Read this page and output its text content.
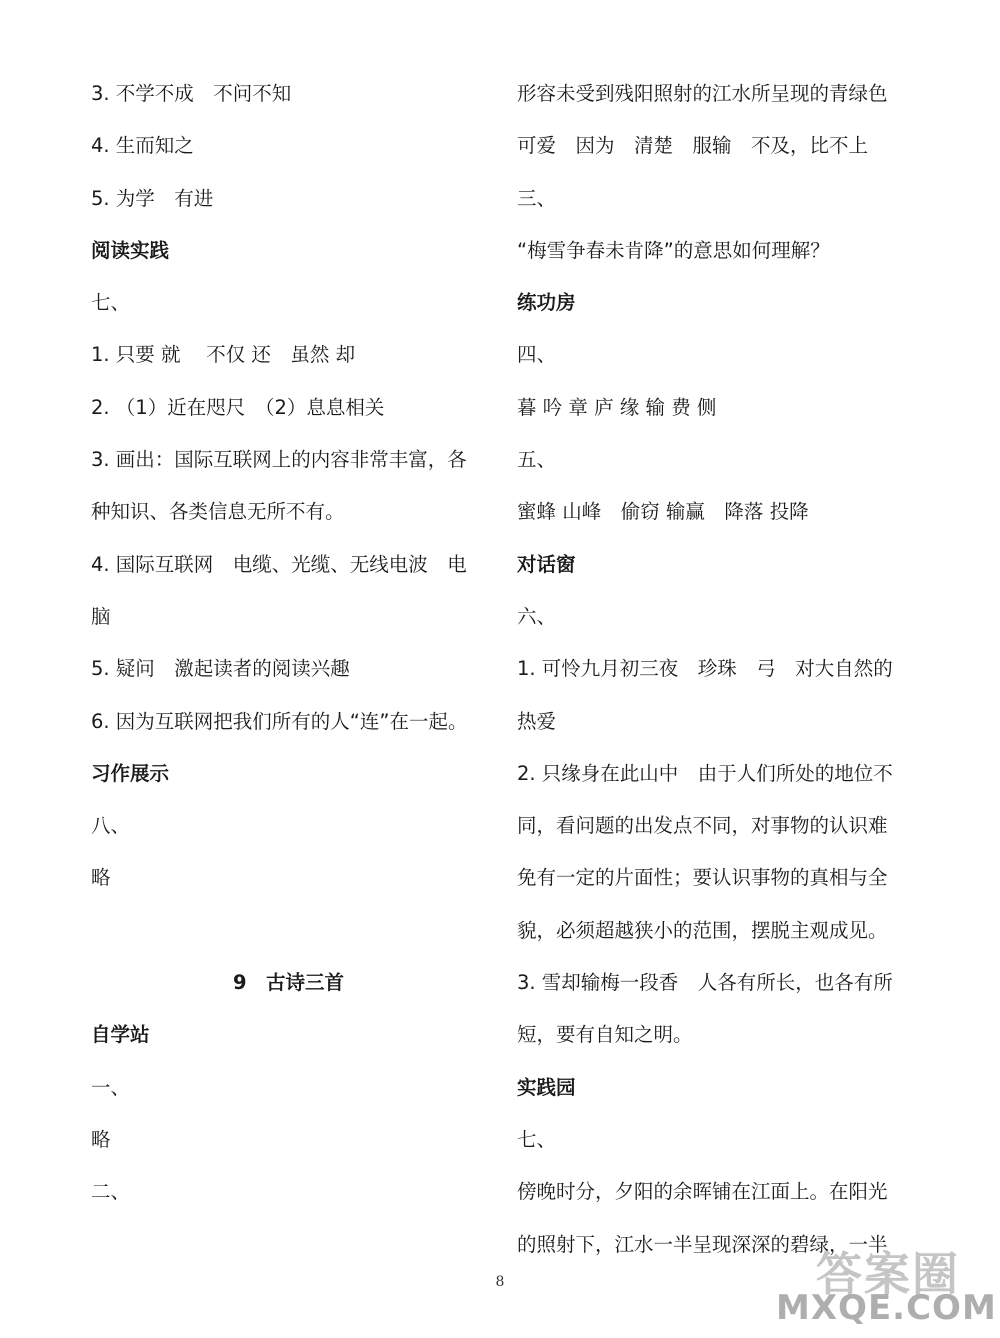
3. 不学不成　不问不知
4. 生而知之
5. 为学　有进
阅读实践
七、
1. 只要 就　 不仅 还　虽然 却
2. （1）近在咫尺　（2）息息相关
3. 画出：国际互联网上的内容非常丰富，各
种知识、各类信息无所不有。
4. 国际互联网　电缆、光缆、无线电波　电
脑
5. 疑问　激起读者的阅读兴趣
6. 因为互联网把我们所有的人“连”在一起。
习作展示
八、
略
9　古诗三首
自学站
一、
略
二、
形容未受到残阳照射的江水所呈现的青绿色
可爱　因为　清楚　服输　不及，比不上
三、
“梅雪争春未肯降”的意思如何理解？
练功房
四、
暮 吟 章 庐 缘 输 费 侧
五、
蜜蜂 山峰　偷窃 输赢　降落 投降
对话窗
六、
1. 可怜九月初三夜　珍珠　弓　对大自然的
热爱
2. 只缘身在此山中　由于人们所处的地位不
同，看问题的出发点不同，对事物的认识难
免有一定的片面性；要认识事物的真相与全
貌，必须超越狭小的范围，摆脱主观成见。
3. 雪却输梅一段香　人各有所长，也各有所
短，要有自知之明。
实践园
七、
傍晚时分，夕阳的余晖铺在江面上。在阳光
的照射下，江水一半呈现深深的碧绿，一半
8	答案圈
MXQE.COM
